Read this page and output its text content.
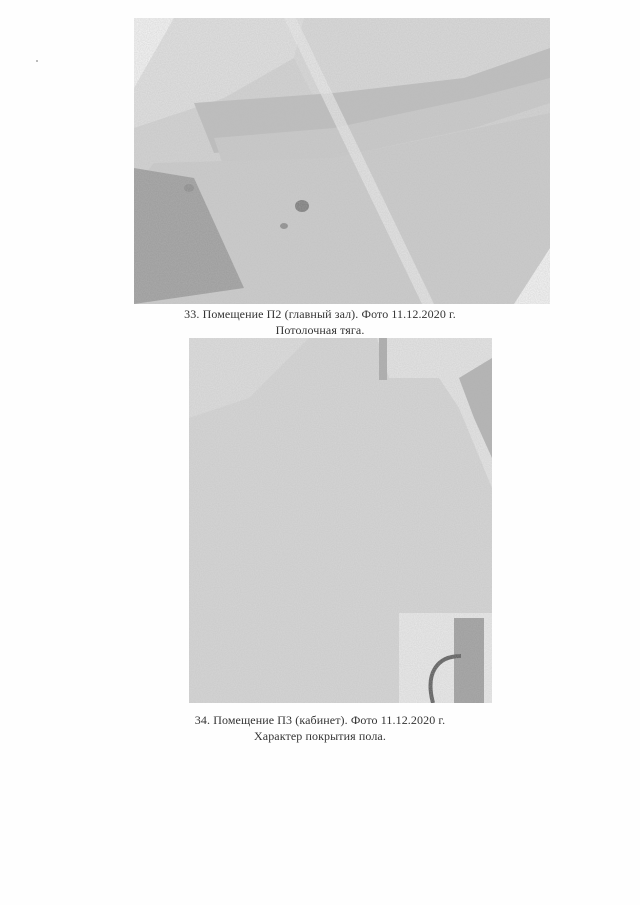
33. Помещение П2 (главный зал). Фото 11.12.2020 г.
Потолочная тяга.
34. Помещение П3 (кабинет). Фото 11.12.2020 г.
Характер покрытия пола.
